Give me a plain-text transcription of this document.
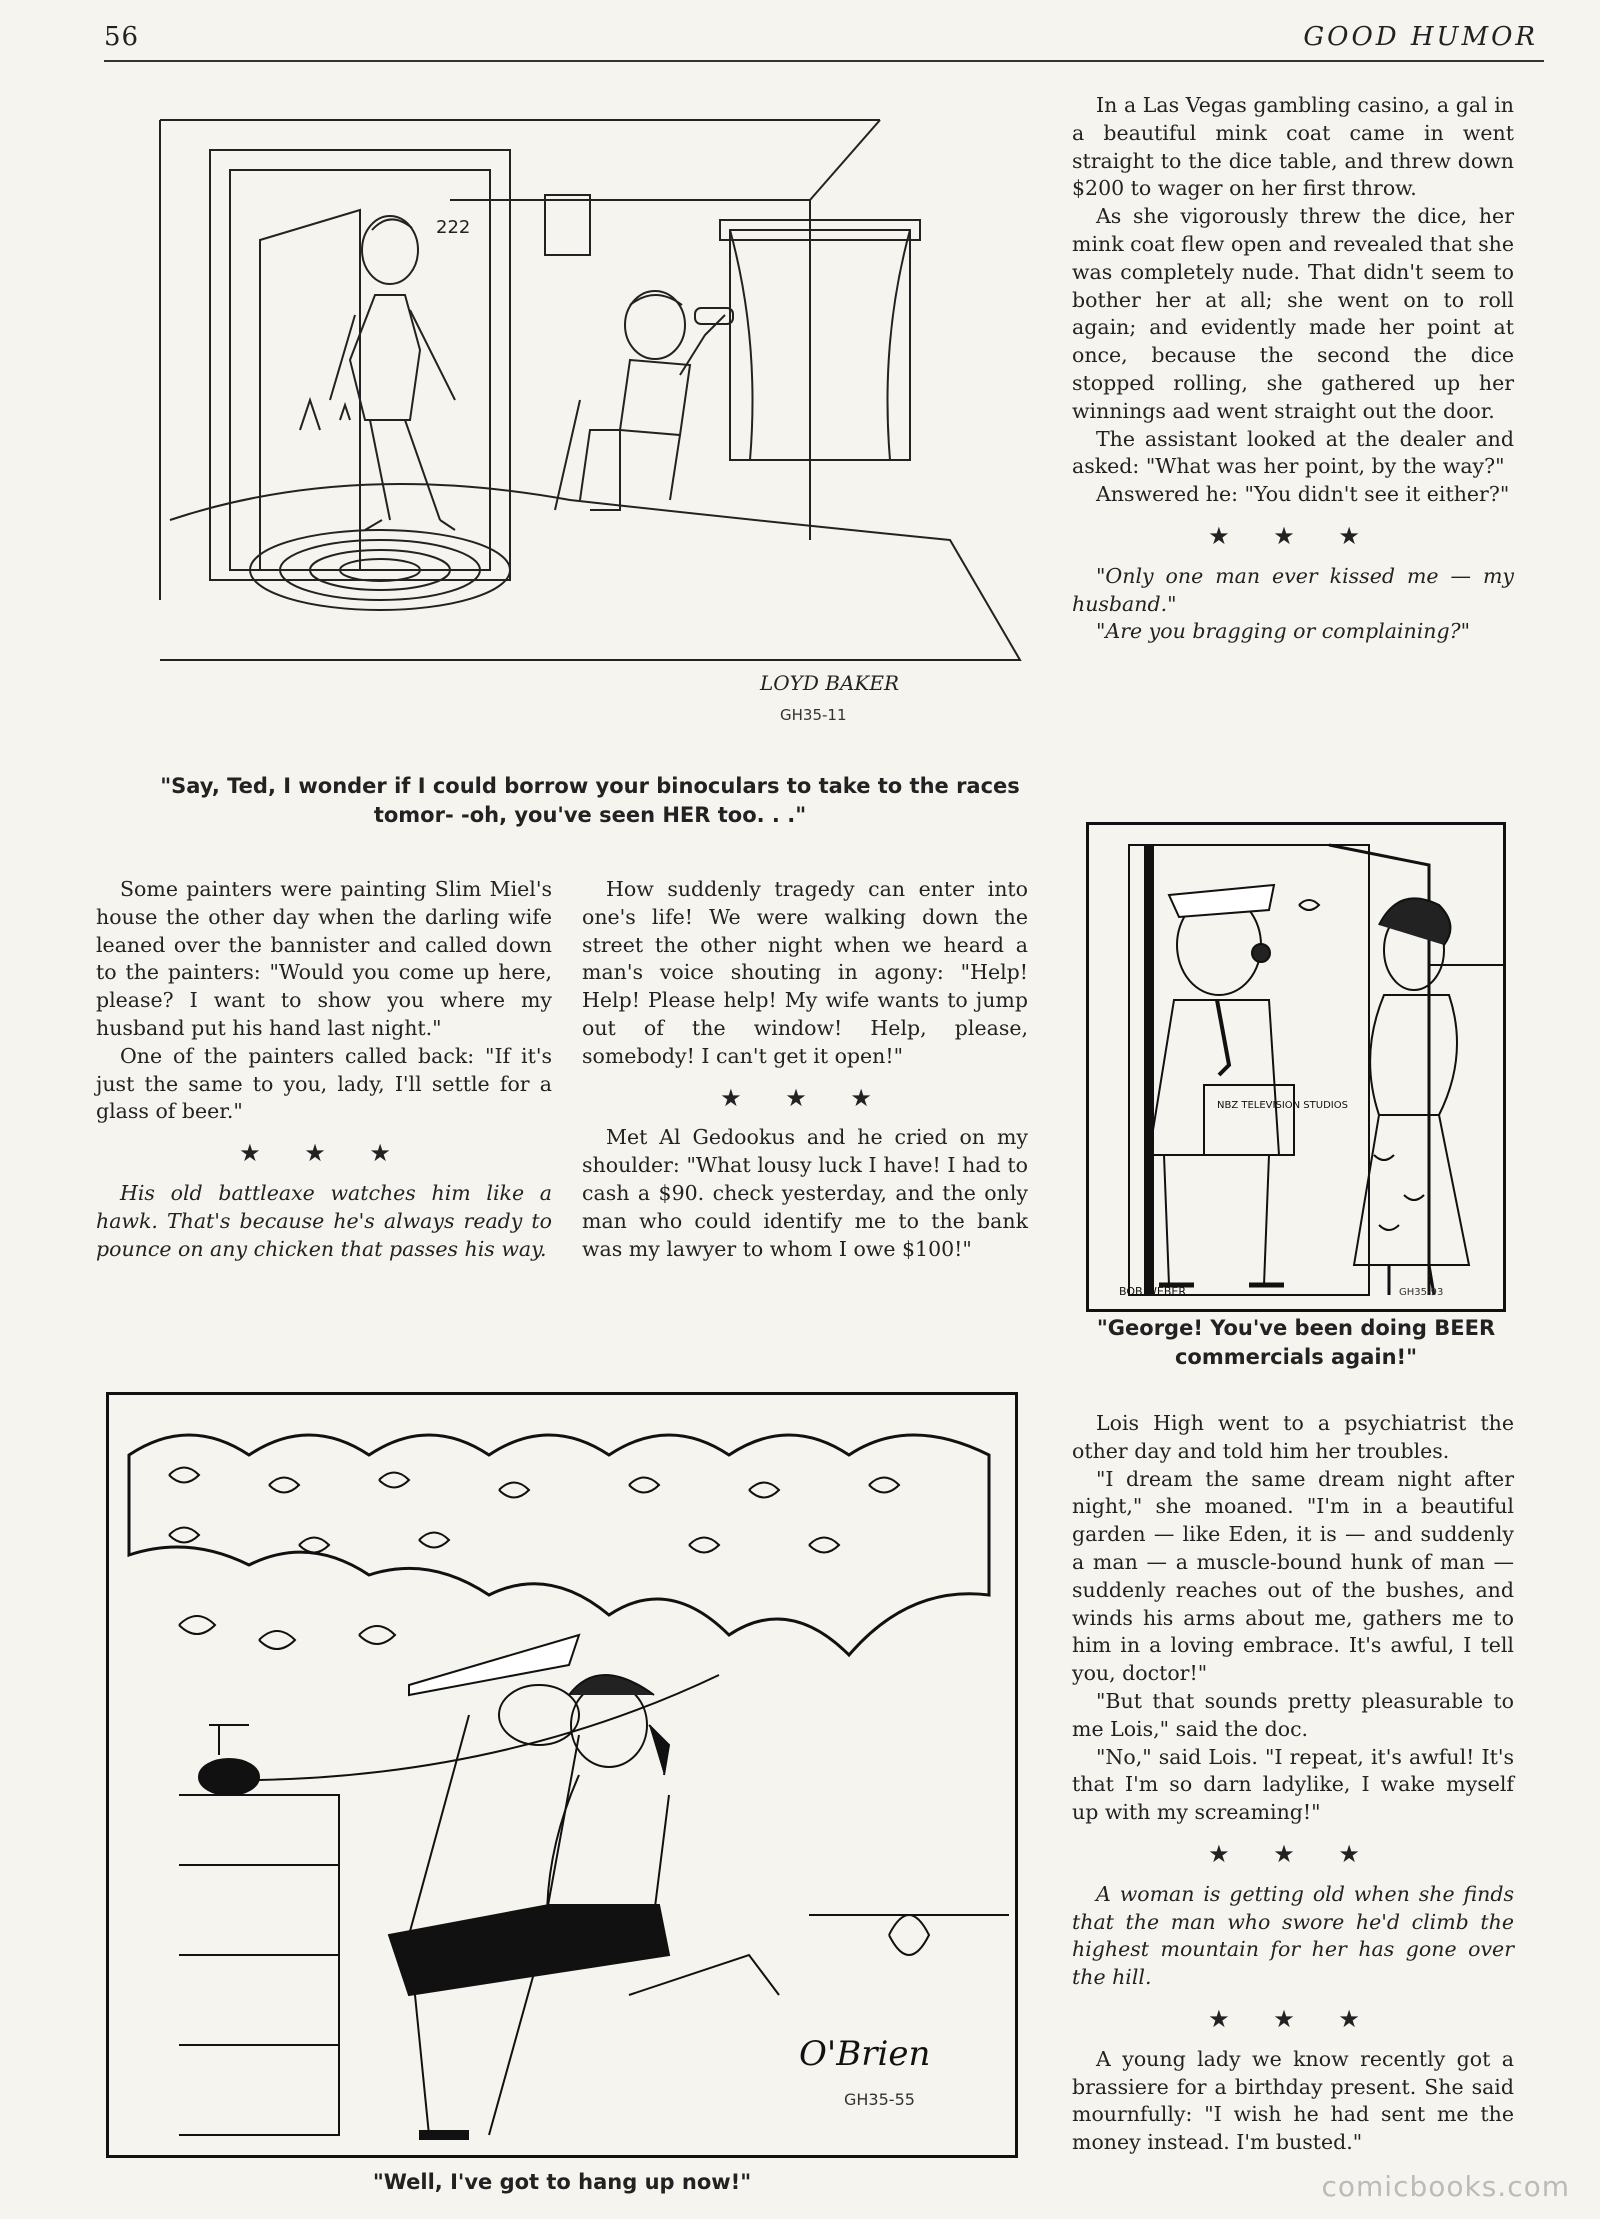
56	GOOD HUMOR
222
LOYD BAKER
GH35-11
"Say, Ted, I wonder if I could borrow your binoculars to take to the races tomor- -oh, you've seen HER too. . ."

In a Las Vegas gambling casino, a gal in a beautiful mink coat came in went straight to the dice table, and threw down $200 to wager on her first throw.

As she vigorously threw the dice, her mink coat flew open and revealed that she was completely nude. That didn't seem to bother her at all; she went on to roll again; and evidently made her point at once, because the second the dice stopped rolling, she gathered up her winnings aad went straight out the door.

The assistant looked at the dealer and asked: "What was her point, by the way?"

Answered he: "You didn't see it either?"

★ ★ ★

"Only one man ever kissed me — my husband."

"Are you bragging or complaining?"

Some painters were painting Slim Miel's house the other day when the darling wife leaned over the bannister and called down to the painters: "Would you come up here, please? I want to show you where my husband put his hand last night."

One of the painters called back: "If it's just the same to you, lady, I'll settle for a glass of beer."

★ ★ ★

His old battleaxe watches him like a hawk. That's because he's always ready to pounce on any chicken that passes his way.

How suddenly tragedy can enter into one's life! We were walking down the street the other night when we heard a man's voice shouting in agony: "Help! Help! Please help! My wife wants to jump out of the window! Help, please, somebody! I can't get it open!"

★ ★ ★

Met Al Gedookus and he cried on my shoulder: "What lousy luck I have! I had to cash a $90. check yesterday, and the only man who could identify me to the bank was my lawyer to whom I owe $100!"

NBZ TELEVISION STUDIOS
BOB WEBER	GH35-93
"George! You've been doing BEER commercials again!"
O'Brien
GH35-55
"Well, I've got to hang up now!"

Lois High went to a psychiatrist the other day and told him her troubles.

"I dream the same dream night after night," she moaned. "I'm in a beautiful garden — like Eden, it is — and suddenly a man — a muscle-bound hunk of man — suddenly reaches out of the bushes, and winds his arms about me, gathers me to him in a loving embrace. It's awful, I tell you, doctor!"

"But that sounds pretty pleasurable to me Lois," said the doc.

"No," said Lois. "I repeat, it's awful! It's that I'm so darn ladylike, I wake myself up with my screaming!"

★ ★ ★

A woman is getting old when she finds that the man who swore he'd climb the highest mountain for her has gone over the hill.

★ ★ ★

A young lady we know recently got a brassiere for a birthday present. She said mournfully: "I wish he had sent me the money instead. I'm busted."

comicbooks.com
